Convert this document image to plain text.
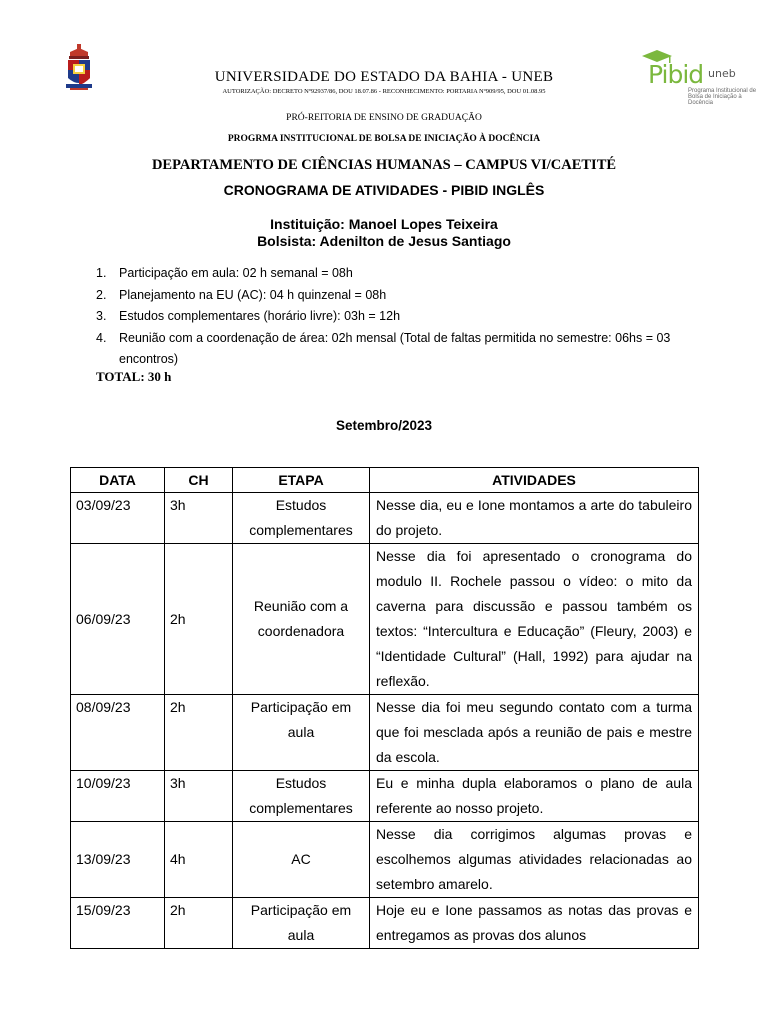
Pibid uneb
Programa Institucional de Bolsa de Iniciação à Docência
UNIVERSIDADE DO ESTADO DA BAHIA - UNEB
AUTORIZAÇÃO: DECRETO Nº92937/86, DOU 18.07.86 - RECONHECIMENTO: PORTARIA Nº909/95, DOU 01.08.95
PRÓ-REITORIA DE ENSINO DE GRADUAÇÃO
PROGRMA INSTITUCIONAL DE BOLSA DE INICIAÇÃO À DOCÊNCIA
DEPARTAMENTO DE CIÊNCIAS HUMANAS – CAMPUS VI/CAETITÉ
CRONOGRAMA DE ATIVIDADES - PIBID INGLÊS
Instituição: Manoel Lopes Teixeira
Bolsista: Adenilton de Jesus Santiago
1. Participação em aula: 02 h semanal = 08h
2. Planejamento na EU (AC): 04 h quinzenal = 08h
3. Estudos complementares (horário livre): 03h = 12h
4. Reunião com a coordenação de área: 02h mensal (Total de faltas permitida no semestre: 06hs = 03 encontros)
TOTAL: 30 h
Setembro/2023
DATA	CH	ETAPA	ATIVIDADES
03/09/23	3h	Estudos complementares	Nesse dia, eu e Ione montamos a arte do tabuleiro do projeto.
06/09/23	2h	Reunião com a coordenadora	Nesse dia foi apresentado o cronograma do modulo II. Rochele passou o vídeo: o mito da caverna para discussão e passou também os textos: “Intercultura e Educação” (Fleury, 2003) e “Identidade Cultural” (Hall, 1992) para ajudar na reflexão.
08/09/23	2h	Participação em aula	Nesse dia foi meu segundo contato com a turma que foi mesclada após a reunião de pais e mestre da escola.
10/09/23	3h	Estudos complementares	Eu e minha dupla elaboramos o plano de aula referente ao nosso projeto.
13/09/23	4h	AC	Nesse dia corrigimos algumas provas e escolhemos algumas atividades relacionadas ao setembro amarelo.
15/09/23	2h	Participação em aula	Hoje eu e Ione passamos as notas das provas e entregamos as provas dos alunos
